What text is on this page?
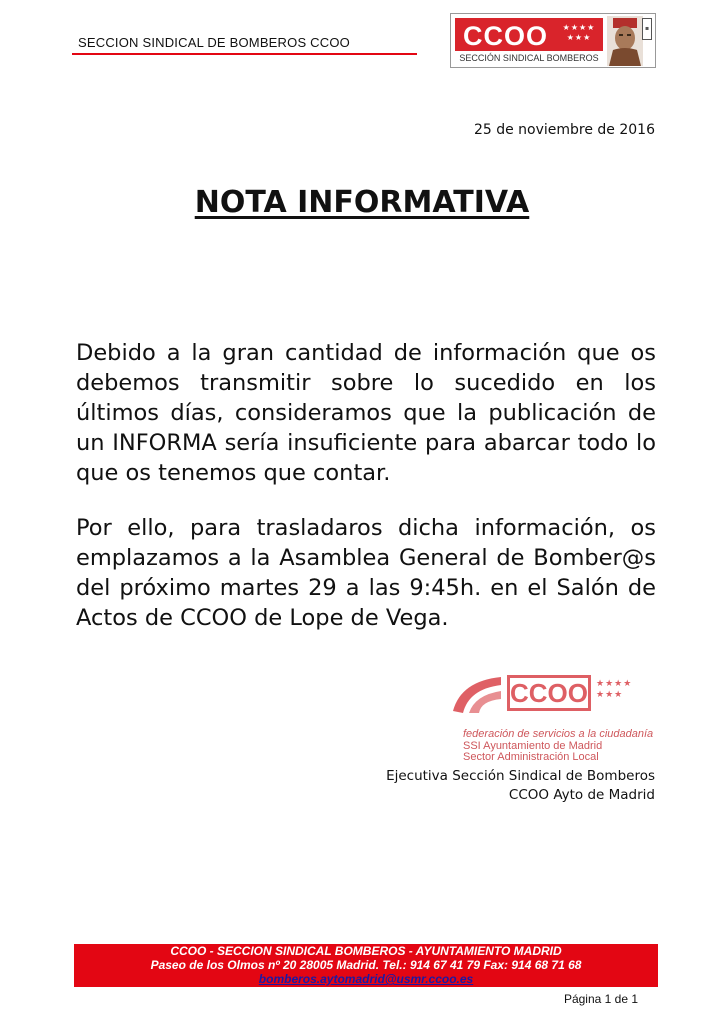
SECCION SINDICAL DE BOMBEROS CCOO	CCOO ★★★★ ★★★
SECCIÓN SINDICAL BOMBEROS
▪
25 de noviembre de 2016
NOTA INFORMATIVA

Debido a la gran cantidad de información que os debemos transmitir sobre lo sucedido en los últimos días, consideramos que la publicación de un INFORMA sería insuficiente para abarcar todo lo que os tenemos que contar.

Por ello, para trasladaros dicha información, os emplazamos a la Asamblea General de Bomber@s del próximo martes 29 a las 9:45h. en el Salón de Actos de CCOO de Lope de Vega.

CCOO ★★★★
★★★
federación de servicios a la ciudadanía
SSI Ayuntamiento de Madrid
Sector Administración Local
Ejecutiva Sección Sindical de Bomberos
CCOO Ayto de Madrid
CCOO - SECCION SINDICAL BOMBEROS - AYUNTAMIENTO MADRID
Paseo de los Olmos nº 20 28005 Madrid. Tel.: 914 67 41 79 Fax: 914 68 71 68
bomberos.aytomadrid@usmr.ccoo.es
Página 1 de 1
